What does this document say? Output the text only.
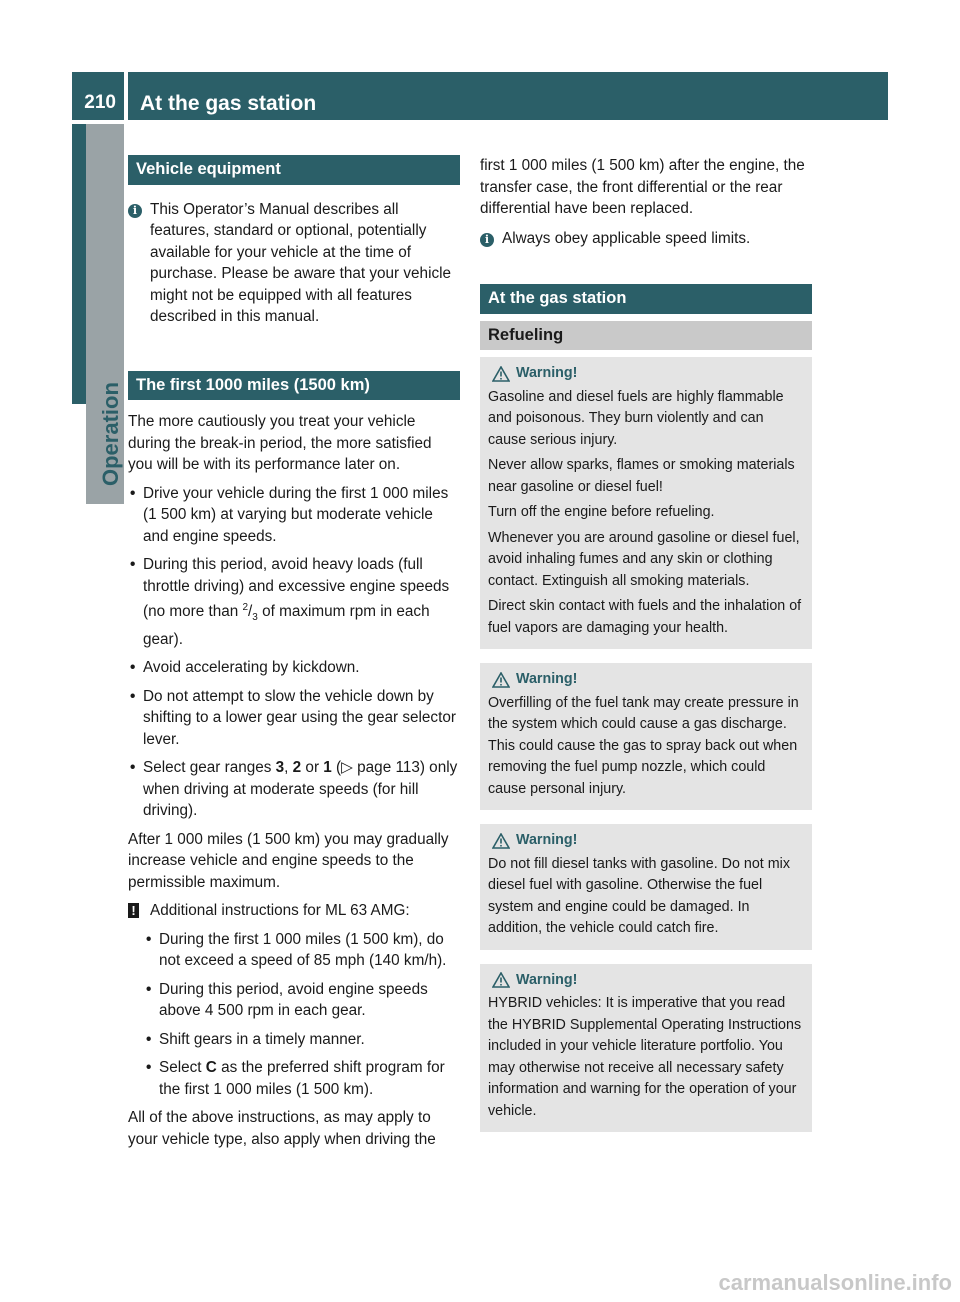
210 At the gas station
Operation
Vehicle equipment
i This Operator’s Manual describes all features, standard or optional, potentially available for your vehicle at the time of purchase. Please be aware that your vehicle might not be equipped with all features described in this manual.

The first 1000 miles (1500 km)

The more cautiously you treat your vehicle during the break-in period, the more satisfied you will be with its performance later on.

• Drive your vehicle during the first 1 000 miles (1 500 km) at varying but moderate vehicle and engine speeds.
• During this period, avoid heavy loads (full throttle driving) and excessive engine speeds (no more than $^2/_3$ of maximum rpm in each gear).
• Avoid accelerating by kickdown.
• Do not attempt to slow the vehicle down by shifting to a lower gear using the gear selector lever.
• Select gear ranges 3, 2 or 1 (▷ page 113) only when driving at moderate speeds (for hill driving).

After 1 000 miles (1 500 km) you may gradually increase vehicle and engine speeds to the permissible maximum.

! Additional instructions for ML 63 AMG:

• During the first 1 000 miles (1 500 km), do not exceed a speed of 85 mph (140 km/h).
• During this period, avoid engine speeds above 4 500 rpm in each gear.
• Shift gears in a timely manner.
• Select C as the preferred shift program for the first 1 000 miles (1 500 km).

All of the above instructions, as may apply to your vehicle type, also apply when driving the

first 1 000 miles (1 500 km) after the engine, the transfer case, the front differential or the rear differential have been replaced.

i Always obey applicable speed limits.

At the gas station
Refueling
Warning!

Gasoline and diesel fuels are highly flammable and poisonous. They burn violently and can cause serious injury.

Never allow sparks, flames or smoking materials near gasoline or diesel fuel!

Turn off the engine before refueling.

Whenever you are around gasoline or diesel fuel, avoid inhaling fumes and any skin or clothing contact. Extinguish all smoking materials.

Direct skin contact with fuels and the inhalation of fuel vapors are damaging your health.

Warning!

Overfilling of the fuel tank may create pressure in the system which could cause a gas discharge. This could cause the gas to spray back out when removing the fuel pump nozzle, which could cause personal injury.

Warning!

Do not fill diesel tanks with gasoline. Do not mix diesel fuel with gasoline. Otherwise the fuel system and engine could be damaged. In addition, the vehicle could catch fire.

Warning!

HYBRID vehicles: It is imperative that you read the HYBRID Supplemental Operating Instructions included in your vehicle literature portfolio. You may otherwise not receive all necessary safety information and warning for the operation of your vehicle.

carmanualsonline.info
